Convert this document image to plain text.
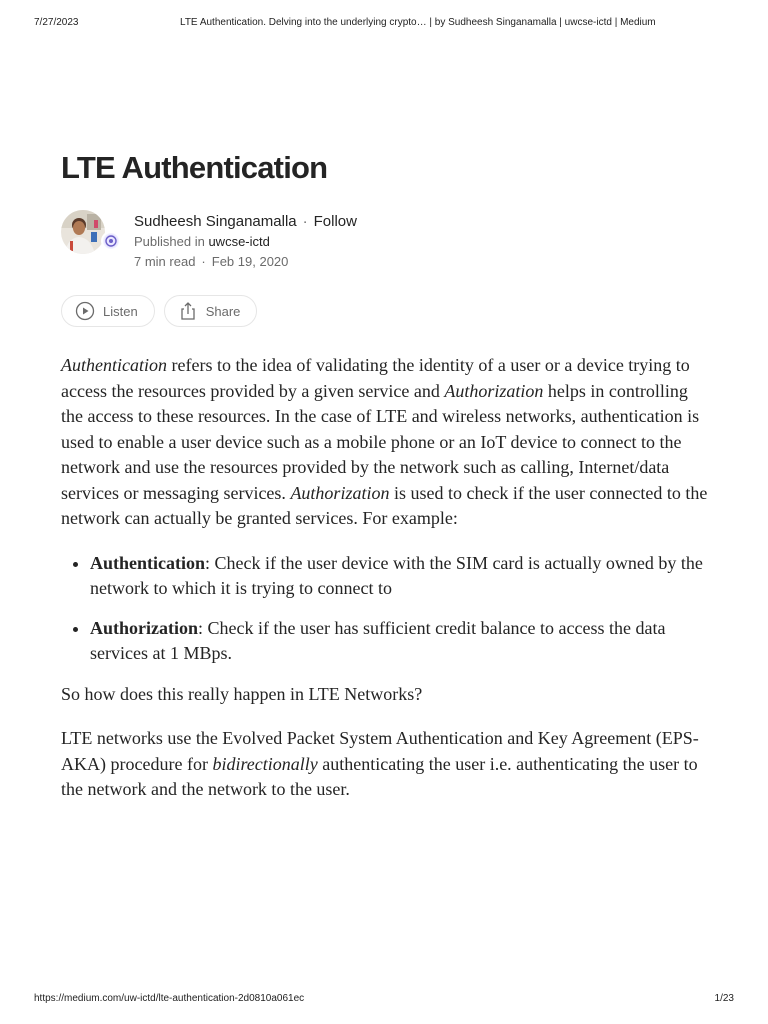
7/27/2023	LTE Authentication. Delving into the underlying crypto… | by Sudheesh Singanamalla | uwcse-ictd | Medium
LTE Authentication
Sudheesh Singanamalla · Follow
Published in uwcse-ictd
7 min read · Feb 19, 2020
Listen	Share

Authentication refers to the idea of validating the identity of a user or a device trying to access the resources provided by a given service and Authorization helps in controlling the access to these resources. In the case of LTE and wireless networks, authentication is used to enable a user device such as a mobile phone or an IoT device to connect to the network and use the resources provided by the network such as calling, Internet/data services or messaging services. Authorization is used to check if the user connected to the network can actually be granted services. For example:

• Authentication: Check if the user device with the SIM card is actually owned by the network to which it is trying to connect to
• Authorization: Check if the user has sufficient credit balance to access the data services at 1 MBps.

So how does this really happen in LTE Networks?

LTE networks use the Evolved Packet System Authentication and Key Agreement (EPS-AKA) procedure for bidirectionally authenticating the user i.e. authenticating the user to the network and the network to the user.

https://medium.com/uw-ictd/lte-authentication-2d0810a061ec	1/23
